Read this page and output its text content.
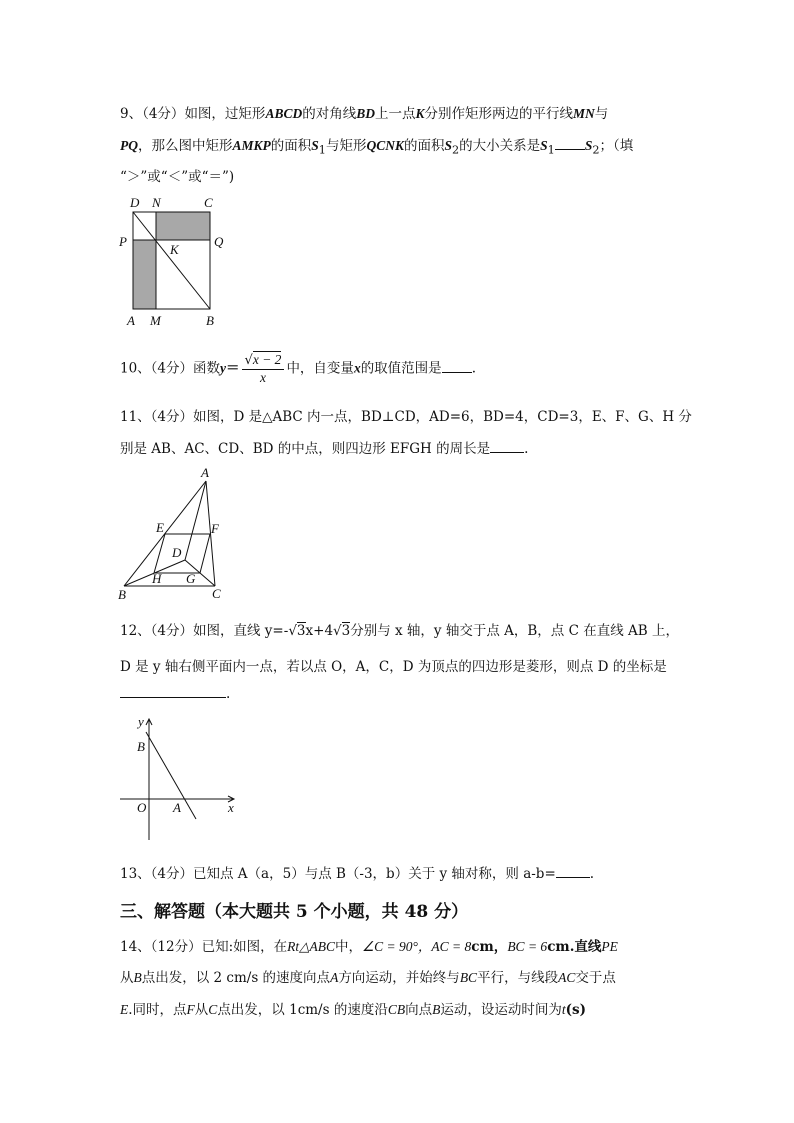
9、（4分）如图，过矩形ABCD的对角线BD上一点K分别作矩形两边的平行线MN与
PQ，那么图中矩形AMKP的面积$S_1$与矩形QCNK的面积$S_2$的大小关系是$S_1$ $S_2$；（填
“＞”或“＜”或“＝”)
D N	C
P	Q
K
A M	B
10、（4分）函数$y= \frac{√x - 2}{x}$ 中，自变量x的取值范围是 .
11、（4分）如图，D 是△ABC 内一点，BD⊥CD，AD=6，BD=4，CD=3，E、F、G、H 分
别是 AB、AC、CD、BD 的中点，则四边形 EFGH 的周长是	.
A
E	F
D
H G
B	C
12、（4分）如图，直线 y=-√3x+4√3分别与 x 轴，y 轴交于点 A，B，点 C 在直线 AB 上，
D 是 y 轴右侧平面内一点，若以点 O，A，C，D 为顶点的四边形是菱形，则点 D 的坐标是
.
y
B
O A	x
13、（4分）已知点 A（a，5）与点 B（-3，b）关于 y 轴对称，则 a-b=	.
三、解答题（本大题共 5 个小题，共 48 分）
14、（12分）已知:如图，在Rt△ABC中，∠C = 90°，AC = 8cm，BC = 6cm.直线PE
从B点出发，以 2 cm/s 的速度向点A方向运动，并始终与BC平行，与线段AC交于点
E.同时，点F从C点出发，以 1cm/s 的速度沿CB向点B运动，设运动时间为t(s)
